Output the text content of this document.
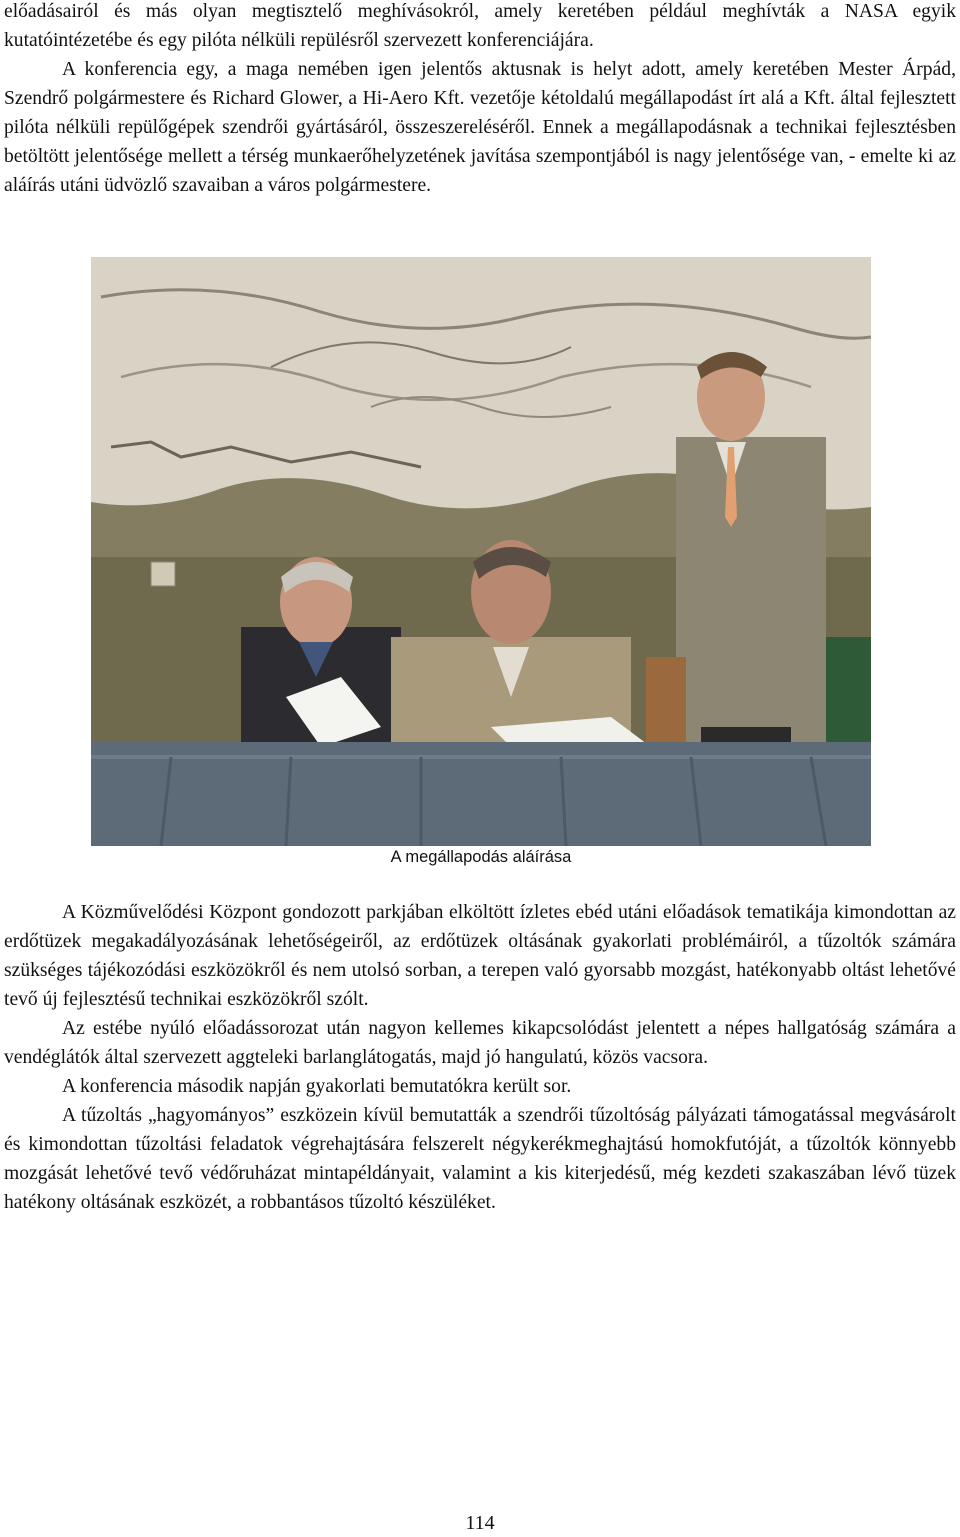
előadásairól és más olyan megtisztelő meghívásokról, amely keretében például meghívták a NASA egyik kutatóintézetébe és egy pilóta nélküli repülésről szervezett konferenciájára.

A konferencia egy, a maga nemében igen jelentős aktusnak is helyt adott, amely keretében Mester Árpád, Szendrő polgármestere és Richard Glower, a Hi-Aero Kft. vezetője kétoldalú megállapodást írt alá a Kft. által fejlesztett pilóta nélküli repülőgépek szendrői gyártásáról, összeszereléséről. Ennek a megállapodásnak a technikai fejlesztésben betöltött jelentősége mellett a térség munkaerőhelyzetének javítása szempontjából is nagy jelentősége van, - emelte ki az aláírás utáni üdvözlő szavaiban a város polgármestere.

A megállapodás aláírása

A Közművelődési Központ gondozott parkjában elköltött ízletes ebéd utáni előadások tematikája kimondottan az erdőtüzek megakadályozásának lehetőségeiről, az erdőtüzek oltásának gyakorlati problémáiról, a tűzoltók számára szükséges tájékozódási eszközökről és nem utolsó sorban, a terepen való gyorsabb mozgást, hatékonyabb oltást lehetővé tevő új fejlesztésű technikai eszközökről szólt.

Az estébe nyúló előadássorozat után nagyon kellemes kikapcsolódást jelentett a népes hallgatóság számára a vendéglátók által szervezett aggteleki barlanglátogatás, majd jó hangulatú, közös vacsora.

A konferencia második napján gyakorlati bemutatókra került sor.

A tűzoltás „hagyományos” eszközein kívül bemutatták a szendrői tűzoltóság pályázati támogatással megvásárolt és kimondottan tűzoltási feladatok végrehajtására felszerelt négykerékmeghajtású homokfutóját, a tűzoltók könnyebb mozgását lehetővé tevő védőruházat mintapéldányait, valamint a kis kiterjedésű, még kezdeti szakaszában lévő tüzek hatékony oltásának eszközét, a robbantásos tűzoltó készüléket.

114
